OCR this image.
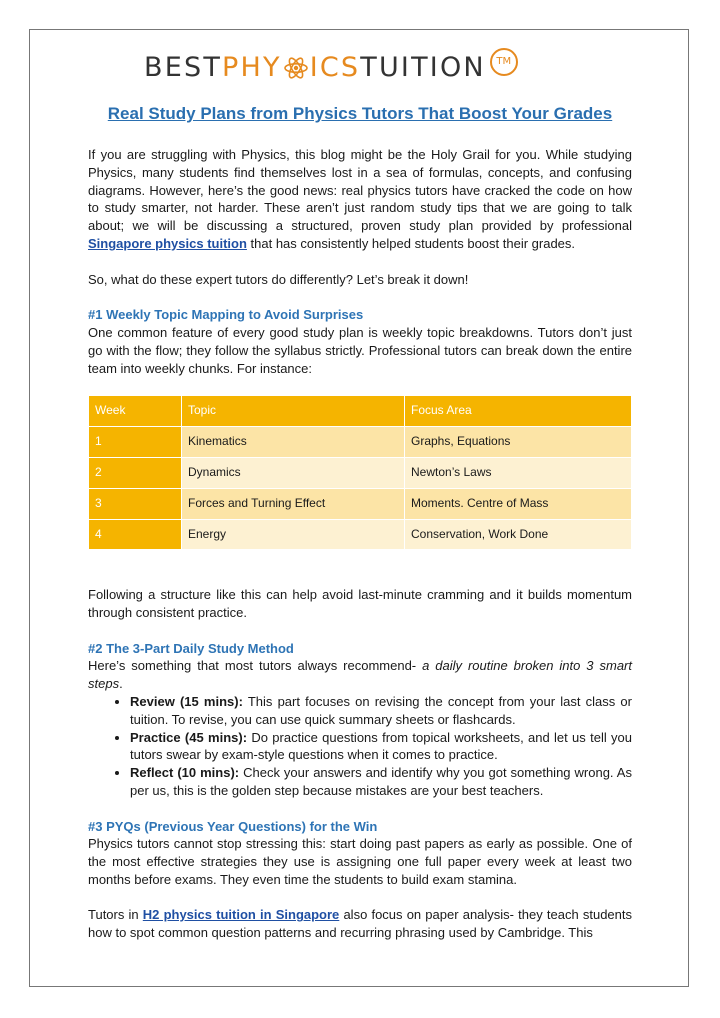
BEST PHY ICS TUITION	TM
Real Study Plans from Physics Tutors That Boost Your Grades

If you are struggling with Physics, this blog might be the Holy Grail for you. While studying Physics, many students find themselves lost in a sea of formulas, concepts, and confusing diagrams. However, here’s the good news: real physics tutors have cracked the code on how to study smarter, not harder. These aren’t just random study tips that we are going to talk about; we will be discussing a structured, proven study plan provided by professional Singapore physics tuition that has consistently helped students boost their grades.

So, what do these expert tutors do differently? Let’s break it down!

#1 Weekly Topic Mapping to Avoid Surprises

One common feature of every good study plan is weekly topic breakdowns. Tutors don’t just go with the flow; they follow the syllabus strictly. Professional tutors can break down the entire team into weekly chunks. For instance:

Week	Topic	Focus Area
1	Kinematics	Graphs, Equations
2	Dynamics	Newton’s Laws
3	Forces and Turning Effect	Moments. Centre of Mass
4	Energy	Conservation, Work Done

Following a structure like this can help avoid last-minute cramming and it builds momentum through consistent practice.

#2 The 3-Part Daily Study Method

Here’s something that most tutors always recommend- a daily routine broken into 3 smart steps.

• Review (15 mins): This part focuses on revising the concept from your last class or tuition. To revise, you can use quick summary sheets or flashcards.
• Practice (45 mins): Do practice questions from topical worksheets, and let us tell you tutors swear by exam-style questions when it comes to practice.
• Reflect (10 mins): Check your answers and identify why you got something wrong. As per us, this is the golden step because mistakes are your best teachers.
#3 PYQs (Previous Year Questions) for the Win

Physics tutors cannot stop stressing this: start doing past papers as early as possible. One of the most effective strategies they use is assigning one full paper every week at least two months before exams. They even time the students to build exam stamina.

Tutors in H2 physics tuition in Singapore also focus on paper analysis- they teach students how to spot common question patterns and recurring phrasing used by Cambridge. This
